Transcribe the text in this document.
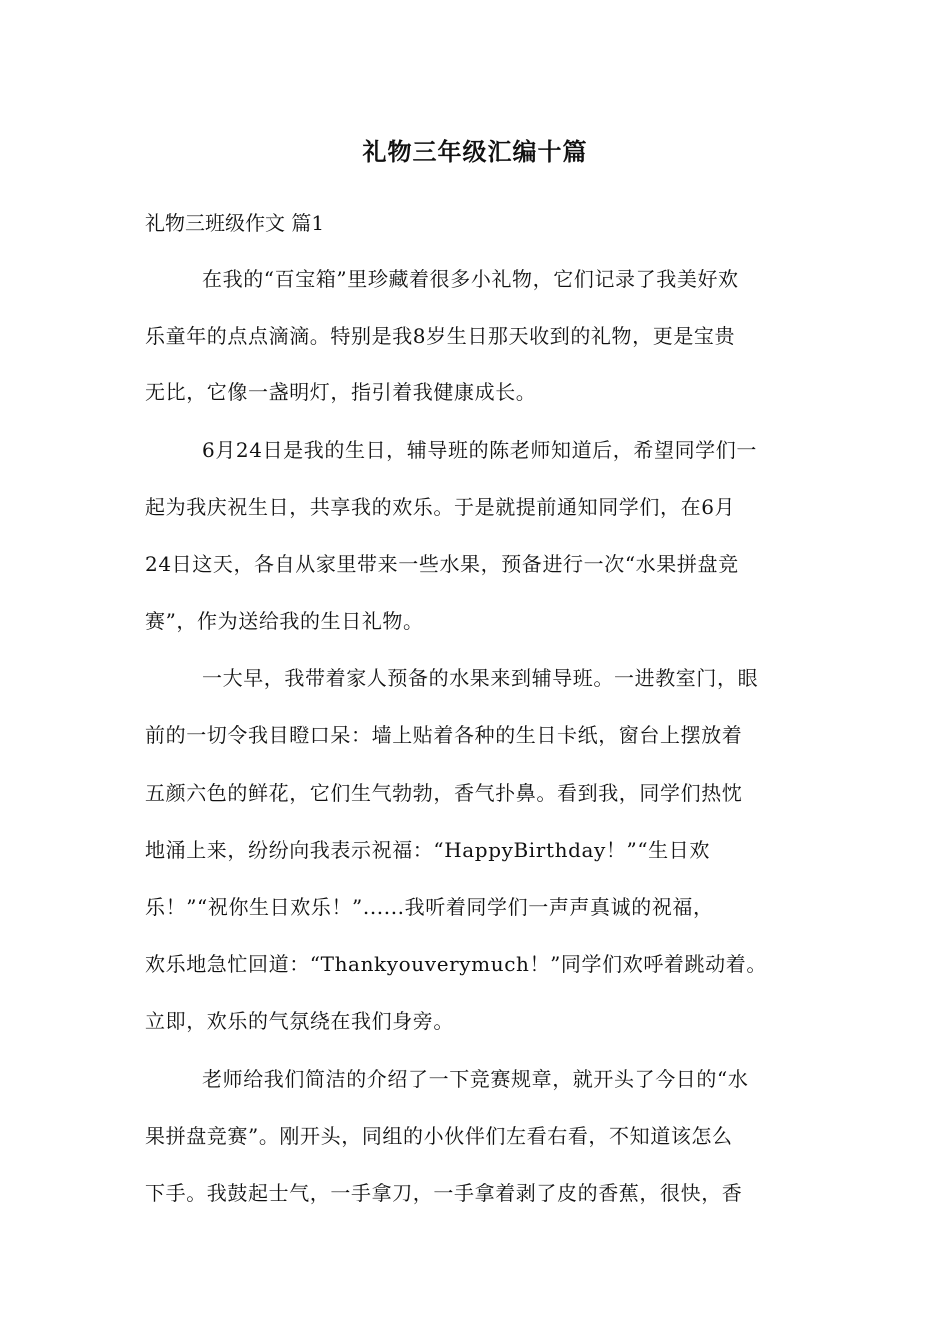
礼物三年级汇编十篇
礼物三班级作文 篇1
在我的“百宝箱”里珍藏着很多小礼物，它们记录了我美好欢
乐童年的点点滴滴。特别是我8岁生日那天收到的礼物，更是宝贵
无比，它像一盏明灯，指引着我健康成长。
6月24日是我的生日，辅导班的陈老师知道后，希望同学们一
起为我庆祝生日，共享我的欢乐。于是就提前通知同学们，在6月
24日这天，各自从家里带来一些水果，预备进行一次“水果拼盘竞
赛”，作为送给我的生日礼物。
一大早，我带着家人预备的水果来到辅导班。一进教室门，眼
前的一切令我目瞪口呆：墙上贴着各种的生日卡纸，窗台上摆放着
五颜六色的鲜花，它们生气勃勃，香气扑鼻。看到我，同学们热忱
地涌上来，纷纷向我表示祝福：“HappyBirthday！”“生日欢
乐！”“祝你生日欢乐！”......我听着同学们一声声真诚的祝福，
欢乐地急忙回道：“Thankyouverymuch！”同学们欢呼着跳动着。
立即，欢乐的气氛绕在我们身旁。
老师给我们简洁的介绍了一下竞赛规章，就开头了今日的“水
果拼盘竞赛”。刚开头，同组的小伙伴们左看右看，不知道该怎么
下手。我鼓起士气，一手拿刀，一手拿着剥了皮的香蕉，很快，香
